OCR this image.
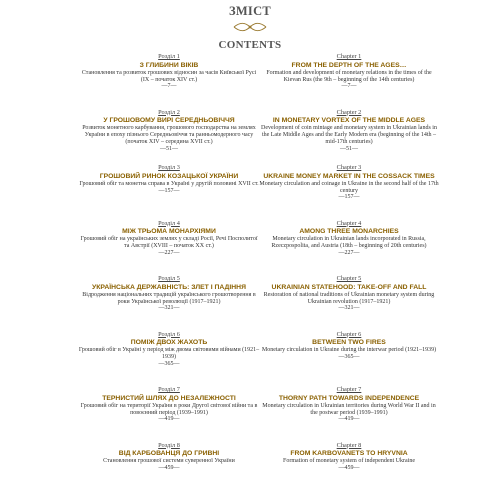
ЗМІСТ
CONTENTS
Розділ 1
З ГЛИБИНИ ВІКІВ
Становлення та розвиток грошових відносин за часів Київської Русі (IX – початок XIV ст.)
—7—
Розділ 2
У ГРОШОВОМУ ВИРІ СЕРЕДНЬОВІЧЧЯ
Розвиток монетного карбування, грошового господарства на землях України в епоху пізнього Середньовіччя та ранньомодерного часу (початок XIV – середина XVII ст.)
—51—
Розділ 3
ГРОШОВИЙ РИНОК КОЗАЦЬКОЇ УКРАЇНИ
Грошовий обіг та монетна справа в Україні у другій половині XVII ст.
—157—
Розділ 4
МІЖ ТРЬОМА МОНАРХІЯМИ
Грошовий обіг на українських землях у складі Росії, Речі Посполитої та Австрії (XVIII – початок XX ст.)
—227—
Розділ 5
УКРАЇНСЬКА ДЕРЖАВНІСТЬ: ЗЛЕТ І ПАДІННЯ
Відродження національних традицій українського грошотворення в роки Української революції (1917–1921)
—321—
Розділ 6
ПОМІЖ ДВОХ ЖАХОТЬ
Грошовий обіг в Україні у період між двома світовими війнами (1921–1939)
—365—
Розділ 7
ТЕРНИСТИЙ ШЛЯХ ДО НЕЗАЛЕЖНОСТІ
Грошовий обіг на території України в роки Другої світової війни та в повоєнний період (1939–1991)
—419—
Розділ 8
ВІД КАРБОВАНЦЯ ДО ГРИВНІ
Становлення грошової системи суверенної України
—459—
Chapter 1
FROM THE DEPTH OF THE AGES…
Formation and development of monetary relations in the times of the Kievan Rus (the 9th – beginning of the 14th centuries)
—7—
Chapter 2
IN MONETARY VORTEX OF THE MIDDLE AGES
Development of coin mintage and monetary system in Ukrainian lands in the Late Middle Ages and the Early Modern era (beginning of the 14th – mid-17th centuries)
—51—
Chapter 3
UKRAINE MONEY MARKET IN THE COSSACK TIMES
Monetary circulation and coinage in Ukraine in the second half of the 17th century
—157—
Chapter 4
AMONG THREE MONARCHIES
Monetary circulation in Ukrainian lands incorporated in Russia, Rzeczpospolita, and Austria (18th – beginning of 20th centuries)
—227—
Chapter 5
UKRAINIAN STATEHOOD: TAKE-OFF AND FALL
Restoration of national traditions of Ukrainian monetary system during Ukrainian revolution (1917–1921)
—321—
Chapter 6
BETWEEN TWO FIRES
Monetary circulation in Ukraine during the interwar period (1921–1939)
—365—
Chapter 7
THORNY PATH TOWARDS INDEPENDENCE
Monetary circulation in Ukrainian territories during World War II and in the postwar period (1939–1991)
—419—
Chapter 8
FROM KARBOVANETS TO HRYVNIA
Formation of monetary system of independent Ukraine
—459—
